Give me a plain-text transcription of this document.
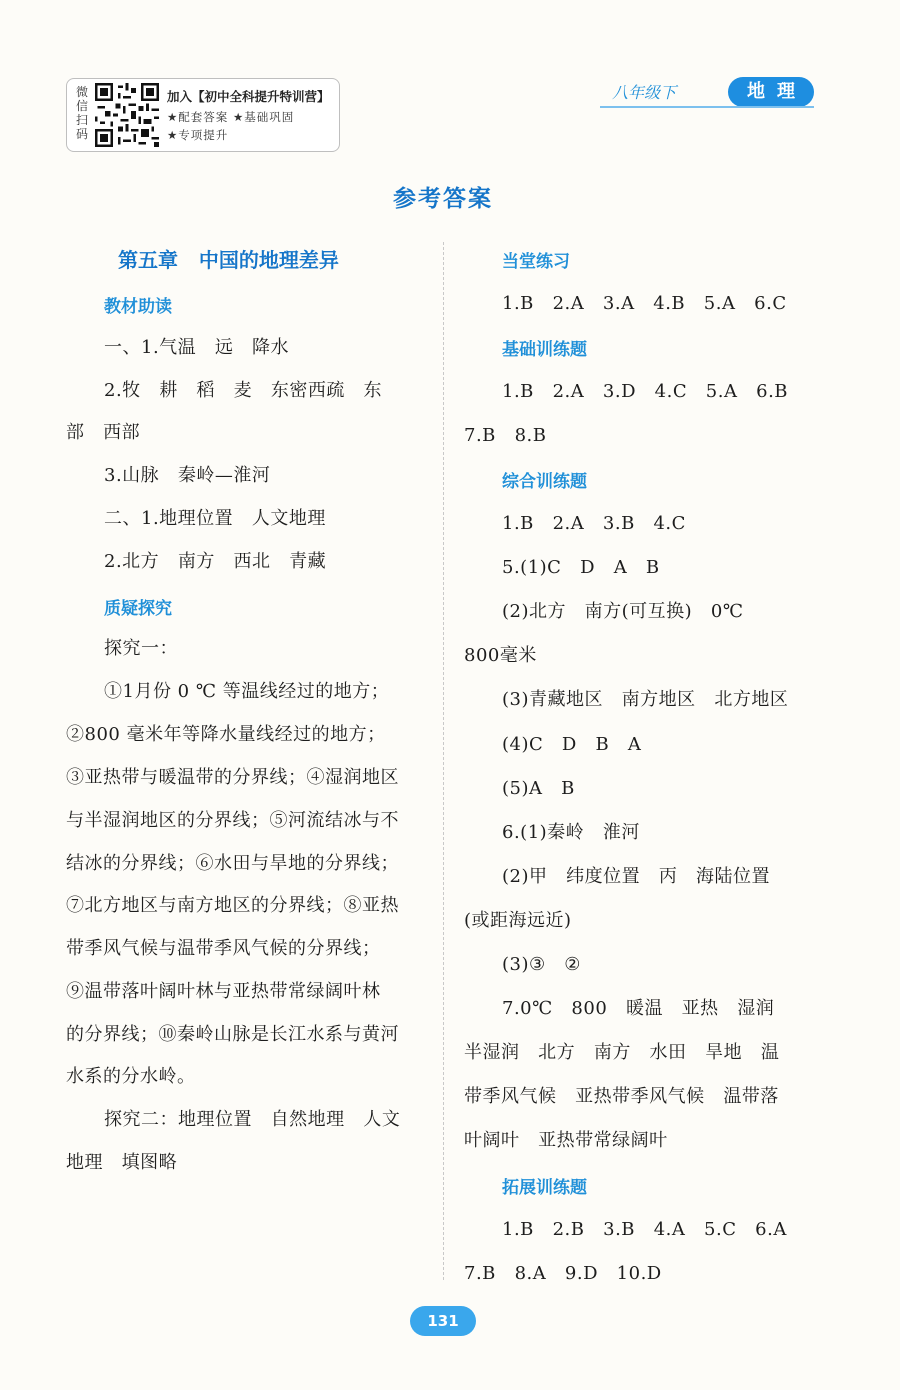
微信扫码
加入【初中全科提升特训营】
★配套答案 ★基础巩固
★专项提升
八年级下	地理
参考答案
第五章   中国的地理差异
教材助读
一、1.气温   远   降水
2.牧   耕   稻   麦   东密西疏   东
部   西部
3.山脉   秦岭—淮河
二、1.地理位置   人文地理
2.北方   南方   西北   青藏
质疑探究
探究一：
①1月份 0 ℃ 等温线经过的地方；
②800 毫米年等降水量线经过的地方；
③亚热带与暖温带的分界线；④湿润地区
与半湿润地区的分界线；⑤河流结冰与不
结冰的分界线；⑥水田与旱地的分界线；
⑦北方地区与南方地区的分界线；⑧亚热
带季风气候与温带季风气候的分界线；
⑨温带落叶阔叶林与亚热带常绿阔叶林
的分界线；⑩秦岭山脉是长江水系与黄河
水系的分水岭。
探究二：地理位置   自然地理   人文
地理   填图略
当堂练习
1.B   2.A   3.A   4.B   5.A   6.C
基础训练题
1.B   2.A   3.D   4.C   5.A   6.B
7.B   8.B
综合训练题
1.B   2.A   3.B   4.C
5.(1)C   D   A   B
(2)北方   南方(可互换)   0℃
800毫米
(3)青藏地区   南方地区   北方地区
(4)C   D   B   A
(5)A   B
6.(1)秦岭   淮河
(2)甲   纬度位置   丙   海陆位置
(或距海远近)
(3)③   ②
7.0℃   800   暖温   亚热   湿润
半湿润   北方   南方   水田   旱地   温
带季风气候   亚热带季风气候   温带落
叶阔叶   亚热带常绿阔叶
拓展训练题
1.B   2.B   3.B   4.A   5.C   6.A
7.B   8.A   9.D   10.D
131
